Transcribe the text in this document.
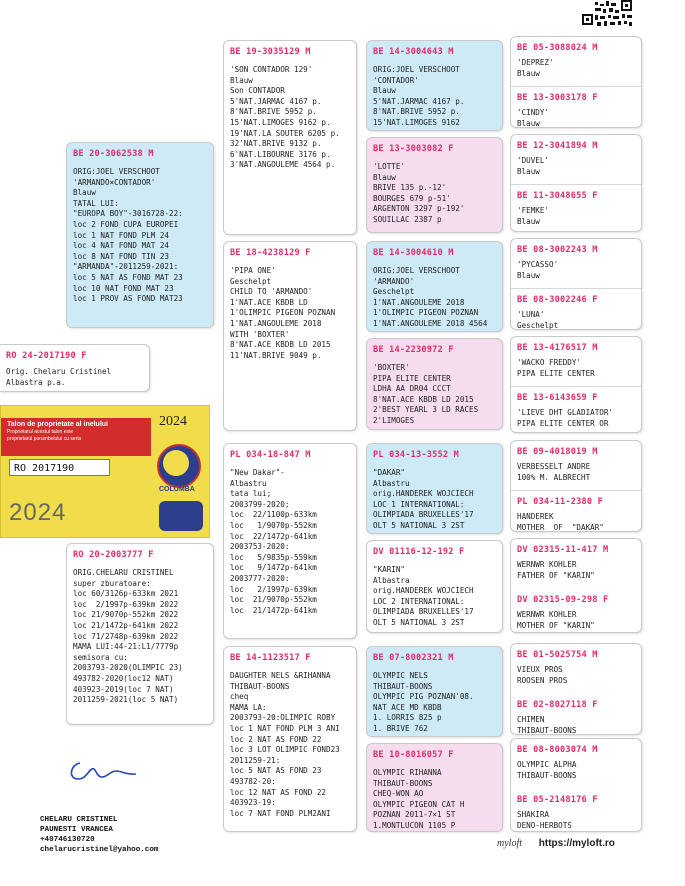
BE 20-3062538 M
ORIG:JOEL VERSCHOOT
'ARMANDO×CONTADOR'
Blauw
TATAL LUI:
"EUROPA BOY"-3016728-22:
loc 2 FOND CUPA EUROPEI
loc 1 NAT FOND PLM 24
loc 4 NAT FOND MAT 24
loc 8 NAT FOND TIN 23
"ARMANDA"-2011259-2021:
loc 5 NAT AS FOND MAT 23
loc 10 NAT FOND MAT 23
loc 1 PROV AS FOND MAT23
RO 24-2017190 F
Orig. Chelaru Cristinel
Albastra p.a.
Talon de proprietate al inelului
Proprietarul acestui talon este
proprietarul porumbelului cu seria
2024
RO 2017190
2024
COLUMBA
RO 20-2003777 F
ORIG.CHELARU CRISTINEL
super zburatoare:
loc 60/3126p-633km 2021
loc  2/1997p-639km 2022
loc 21/9070p-552km 2022
loc 21/1472p-641km 2022
loc 71/2748p-639km 2022
MAMA LUI:44-21:L1/7779p
semisora cu:
2003793-2020(OLIMPIC 23)
493782-2020(loc12 NAT)
403923-2019(loc 7 NAT)
2011259-2021(loc 5 NAT)
BE 19-3035129 M
'SON CONTADOR 129'
Blauw
Son CONTADOR
5'NAT.JARMAC 4167 p.
8'NAT.BRIVE 5952 p.
15'NAT.LIMOGES 9162 p.
19'NAT.LA SOUTER 6205 p.
32'NAT.BRIVE 9132 p.
6'NAT.LIBOURNE 3176 p.
3'NAT.ANGOULEME 4564 p.
BE 18-4238129 F
'PIPA ONE'
Geschelpt
CHILD TO 'ARMANDO'
1'NAT.ACE KBDB LD
1'OLIMPIC PIGEON POZNAN
1'NAT.ANGOULEME 2018
WITH 'BOXTER'
8'NAT.ACE KBDB LD 2015
11'NAT.BRIVE 9049 p.
PL 034-18-847 M
"New Dakar"-
Albastru
tata lui;
2003799-2020;
loc  22/1100p-633km
loc   1/9070p-552km
loc  22/1472p-641km
2003753-2020:
loc   5/9835p-559km
loc   9/1472p-641km
2003777-2020:
loc   2/1997p-639km
loc  21/9070p-552km
loc  21/1472p-641km
BE 14-1123517 F
DAUGHTER NELS &RIHANNA
THIBAUT-BOONS
cheq
MAMA LA:
2003793-20:OLIMPIC ROBY
loc 1 NAT FOND PLM 3 ANI
loc 2 NAT AS FOND 22
loc 3 LOT OLIMPIC FOND23
2011259-21:
loc 5 NAT AS FOND 23
493782-20:
loc 12 NAT AS FOND 22
403923-19:
loc 7 NAT FOND PLM2ANI
BE 14-3004643 M
ORIG:JOEL VERSCHOOT
'CONTADOR'
Blauw
5'NAT.JARMAC 4167 p.
8'NAT.BRIVE 5952 p.
15'NAT.LIMOGES 9162
BE 13-3003082 F
'LOTTE'
Blauw
BRIVE 135 p.-12'
BOURGES 679 p-51'
ARGENTON 3297 p-192'
SOUILLAC 2387 p
BE 14-3004610 M
ORIG:JOEL VERSCHOOT
'ARMANDO'
Geschelpt
1'NAT.ANGOULEME 2018
1'OLIMPIC PIGEON POZNAN
1'NAT.ANGOULEME 2018 4564
BE 14-2230972 F
'BOXTER'
PIPA ELITE CENTER
LDHA AA DR04 CCCT
8'NAT.ACE KBDB LD 2015
2'BEST YEARL 3 LD RACES
2'LIMOGES
PL 034-13-3552 M
"DAKAR"
Albastru
orig.HANDEREK WOJCIECH
LOC 1 INTERNATIONAL:
OLIMPIADA BRUXELLES'17
OLT 5 NATIONAL 3 2ST
DV 01116-12-192 F
"KARIN"
Albastra
orig.HANDEREK WOJCIECH
LOC 2 INTERNATIONAL:
OLIMPIADA BRUXELLES'17
OLT 5 NATIONAL 3 2ST
BE 07-8002321 M
OLYMPIC NELS
THIBAUT-BOONS
OLYMPIC PIG POZNAN'08.
NAT ACE MD KBDB
1. LORRIS 825 p
1. BRIVE 762
BE 10-8016057 F
OLYMPIC RIHANNA
THIBAUT-BOONS
CHEQ-WON AO
OLYMPIC PIGEON CAT H
POZNAN 2011-7×1 ST
1.MONTLUCON 1105 P
BE 05-3088024 M
'DEPREZ'
Blauw
BE 13-3003178 F
'CINDY'
Blauw
BE 12-3041894 M
'DUVEL'
Blauw
BE 11-3048655 F
'FEMKE'
Blauw
BE 08-3002243 M
'PYCASSO'
Blauw
BE 08-3002246 F
'LUNA'
Geschelpt
BE 13-4176517 M
'WACKO FREDDY'
PIPA ELITE CENTER
BE 13-6143659 F
'LIEVE DHT GLADIATOR'
PIPA ELITE CENTER OR
BE 09-4018019 M
VERBESSELT ANDRE
100% M. ALBRECHT
PL 034-11-2380 F
HANDEREK
MOTHER  OF  "DAKAR"
DV 02315-11-417 M
WERNWR KOHLER
FATHER OF "KARIN"
DV 02315-09-298 F
WERNWR KOHLER
MOTHER OF "KARIN"
BE 01-5025754 M
VIEUX PROS
ROOSEN PROS
BE 02-8027118 F
CHIMEN
THIBAUT-BOONS
BE 08-8003074 M
OLYMPIC ALPHA
THIBAUT-BOONS
BE 05-2148176 F
SHAKIRA
DENO-HERBOTS
CHELARU CRISTINEL
PAUNESTI VRANCEA
+40746130720
chelarucristinel@yahoo.com
myloft https://myloft.ro
